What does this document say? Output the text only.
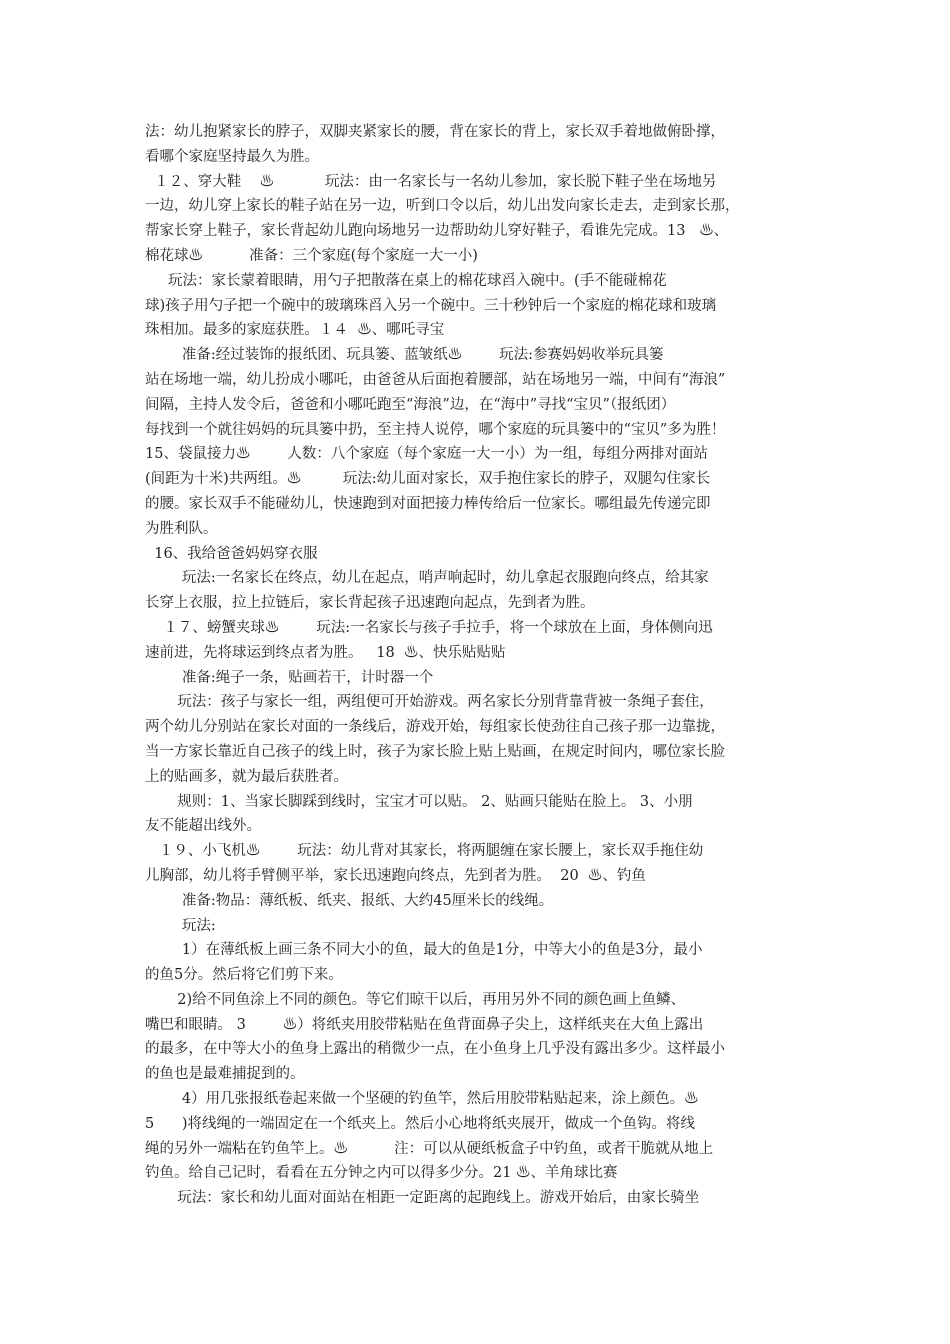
法：幼儿抱紧家长的脖子，双脚夹紧家长的腰，背在家长的背上，家长双手着地做俯卧撑，
看哪个家庭坚持最久为胜。
１２、穿大鞋    ♨           玩法：由一名家长与一名幼儿参加，家长脱下鞋子坐在场地另
一边，幼儿穿上家长的鞋子站在另一边，听到口令以后，幼儿出发向家长走去，走到家长那，
帮家长穿上鞋子，家长背起幼儿跑向场地另一边帮助幼儿穿好鞋子，看谁先完成。13   ♨、
棉花球♨          准备：三个家庭(每个家庭一大一小)
玩法：家长蒙着眼睛，用勺子把散落在桌上的棉花球舀入碗中。(手不能碰棉花
球)孩子用勺子把一个碗中的玻璃珠舀入另一个碗中。三十秒钟后一个家庭的棉花球和玻璃
珠相加。最多的家庭获胜。１４  ♨、哪吒寻宝
准备:经过装饰的报纸团、玩具篓、蓝皱纸♨        玩法:参赛妈妈收举玩具篓
站在场地一端，幼儿扮成小哪吒，由爸爸从后面抱着腰部，站在场地另一端，中间有“海浪”
间隔，主持人发令后，爸爸和小哪吒跑至“海浪”边，在“海中”寻找“宝贝”（报纸团）
每找到一个就往妈妈的玩具篓中扔，至主持人说停，哪个家庭的玩具篓中的“宝贝”多为胜！
15、袋鼠接力♨        人数：八个家庭（每个家庭一大一小）为一组，每组分两排对面站
(间距为十米)共两组。♨         玩法:幼儿面对家长，双手抱住家长的脖子，双腿勾住家长
的腰。家长双手不能碰幼儿，快速跑到对面把接力棒传给后一位家长。哪组最先传递完即
为胜利队。
16、我给爸爸妈妈穿衣服
玩法:一名家长在终点，幼儿在起点，哨声响起时，幼儿拿起衣服跑向终点，给其家
长穿上衣服，拉上拉链后，家长背起孩子迅速跑向起点，先到者为胜。
１７、螃蟹夹球♨        玩法:一名家长与孩子手拉手，将一个球放在上面，身体侧向迅
速前进，先将球运到终点者为胜。   18  ♨、快乐贴贴贴
准备:绳子一条，贴画若干，计时器一个
玩法：孩子与家长一组，两组便可开始游戏。两名家长分别背靠背被一条绳子套住，
两个幼儿分别站在家长对面的一条线后，游戏开始，每组家长使劲往自己孩子那一边靠拢，
当一方家长靠近自己孩子的线上时，孩子为家长脸上贴上贴画，在规定时间内，哪位家长脸
上的贴画多，就为最后获胜者。
规则：1、当家长脚踩到线时，宝宝才可以贴。 2、贴画只能贴在脸上。 3、小朋
友不能超出线外。
１９、小飞机♨        玩法：幼儿背对其家长，将两腿缠在家长腰上，家长双手拖住幼
儿胸部，幼儿将手臂侧平举，家长迅速跑向终点，先到者为胜。  20  ♨、钓鱼
准备:物品：薄纸板、纸夹、报纸、大约45厘米长的线绳。
玩法:
1）在薄纸板上画三条不同大小的鱼，最大的鱼是1分，中等大小的鱼是3分，最小
的鱼5分。然后将它们剪下来。
2)给不同鱼涂上不同的颜色。等它们晾干以后，再用另外不同的颜色画上鱼鳞、
嘴巴和眼睛。 3        ♨）将纸夹用胶带粘贴在鱼背面鼻子尖上，这样纸夹在大鱼上露出
的最多，在中等大小的鱼身上露出的稍微少一点，在小鱼身上几乎没有露出多少。这样最小
的鱼也是最难捕捉到的。
4）用几张报纸卷起来做一个坚硬的钓鱼竿，然后用胶带粘贴起来，涂上颜色。♨
5      )将线绳的一端固定在一个纸夹上。然后小心地将纸夹展开，做成一个鱼钩。将线
绳的另外一端粘在钓鱼竿上。♨          注：可以从硬纸板盒子中钓鱼，或者干脆就从地上
钓鱼。给自己记时，看看在五分钟之内可以得多少分。21 ♨、羊角球比赛
玩法：家长和幼儿面对面站在相距一定距离的起跑线上。游戏开始后，由家长骑坐
